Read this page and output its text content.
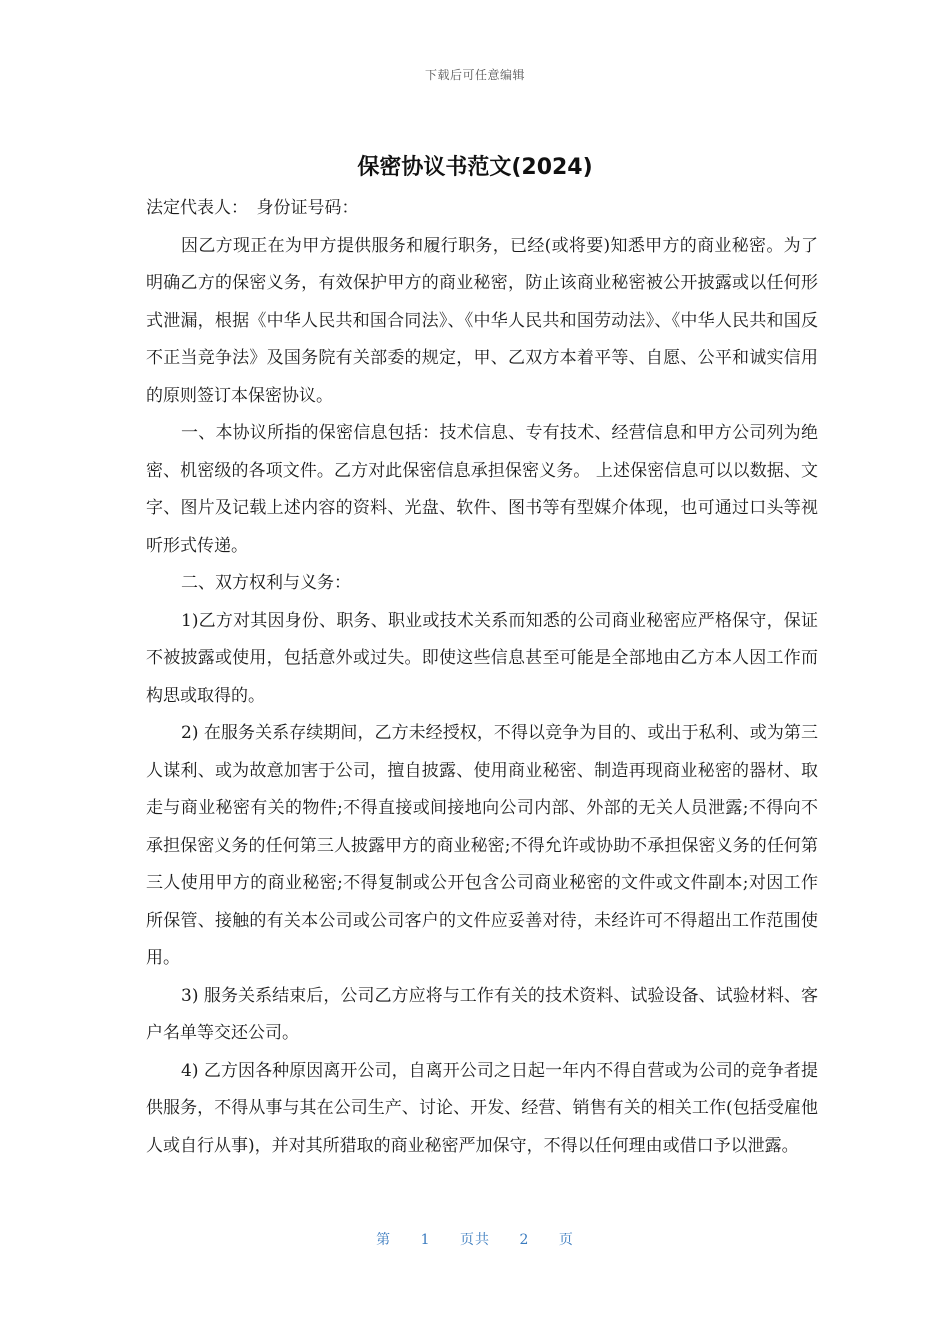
下载后可任意编辑
保密协议书范文(2024)

法定代表人：　身份证号码：

因乙方现正在为甲方提供服务和履行职务，已经(或将要)知悉甲方的商业秘密。为了明确乙方的保密义务，有效保护甲方的商业秘密，防止该商业秘密被公开披露或以任何形式泄漏，根据《中华人民共和国合同法》、《中华人民共和国劳动法》、《中华人民共和国反不正当竞争法》及国务院有关部委的规定，甲、乙双方本着平等、自愿、公平和诚实信用的原则签订本保密协议。

一、本协议所指的保密信息包括：技术信息、专有技术、经营信息和甲方公司列为绝密、机密级的各项文件。乙方对此保密信息承担保密义务。 上述保密信息可以以数据、文字、图片及记载上述内容的资料、光盘、软件、图书等有型媒介体现，也可通过口头等视听形式传递。

二、双方权利与义务：

1)乙方对其因身份、职务、职业或技术关系而知悉的公司商业秘密应严格保守，保证不被披露或使用，包括意外或过失。即使这些信息甚至可能是全部地由乙方本人因工作而构思或取得的。

2) 在服务关系存续期间，乙方未经授权，不得以竞争为目的、或出于私利、或为第三人谋利、或为故意加害于公司，擅自披露、使用商业秘密、制造再现商业秘密的器材、取走与商业秘密有关的物件;不得直接或间接地向公司内部、外部的无关人员泄露;不得向不承担保密义务的任何第三人披露甲方的商业秘密;不得允许或协助不承担保密义务的任何第三人使用甲方的商业秘密;不得复制或公开包含公司商业秘密的文件或文件副本;对因工作所保管、接触的有关本公司或公司客户的文件应妥善对待，未经许可不得超出工作范围使用。

3) 服务关系结束后，公司乙方应将与工作有关的技术资料、试验设备、试验材料、客户名单等交还公司。

4) 乙方因各种原因离开公司，自离开公司之日起一年内不得自营或为公司的竞争者提供服务，不得从事与其在公司生产、讨论、开发、经营、销售有关的相关工作(包括受雇他人或自行从事)，并对其所猎取的商业秘密严加保守，不得以任何理由或借口予以泄露。

第 1 页共 2 页
